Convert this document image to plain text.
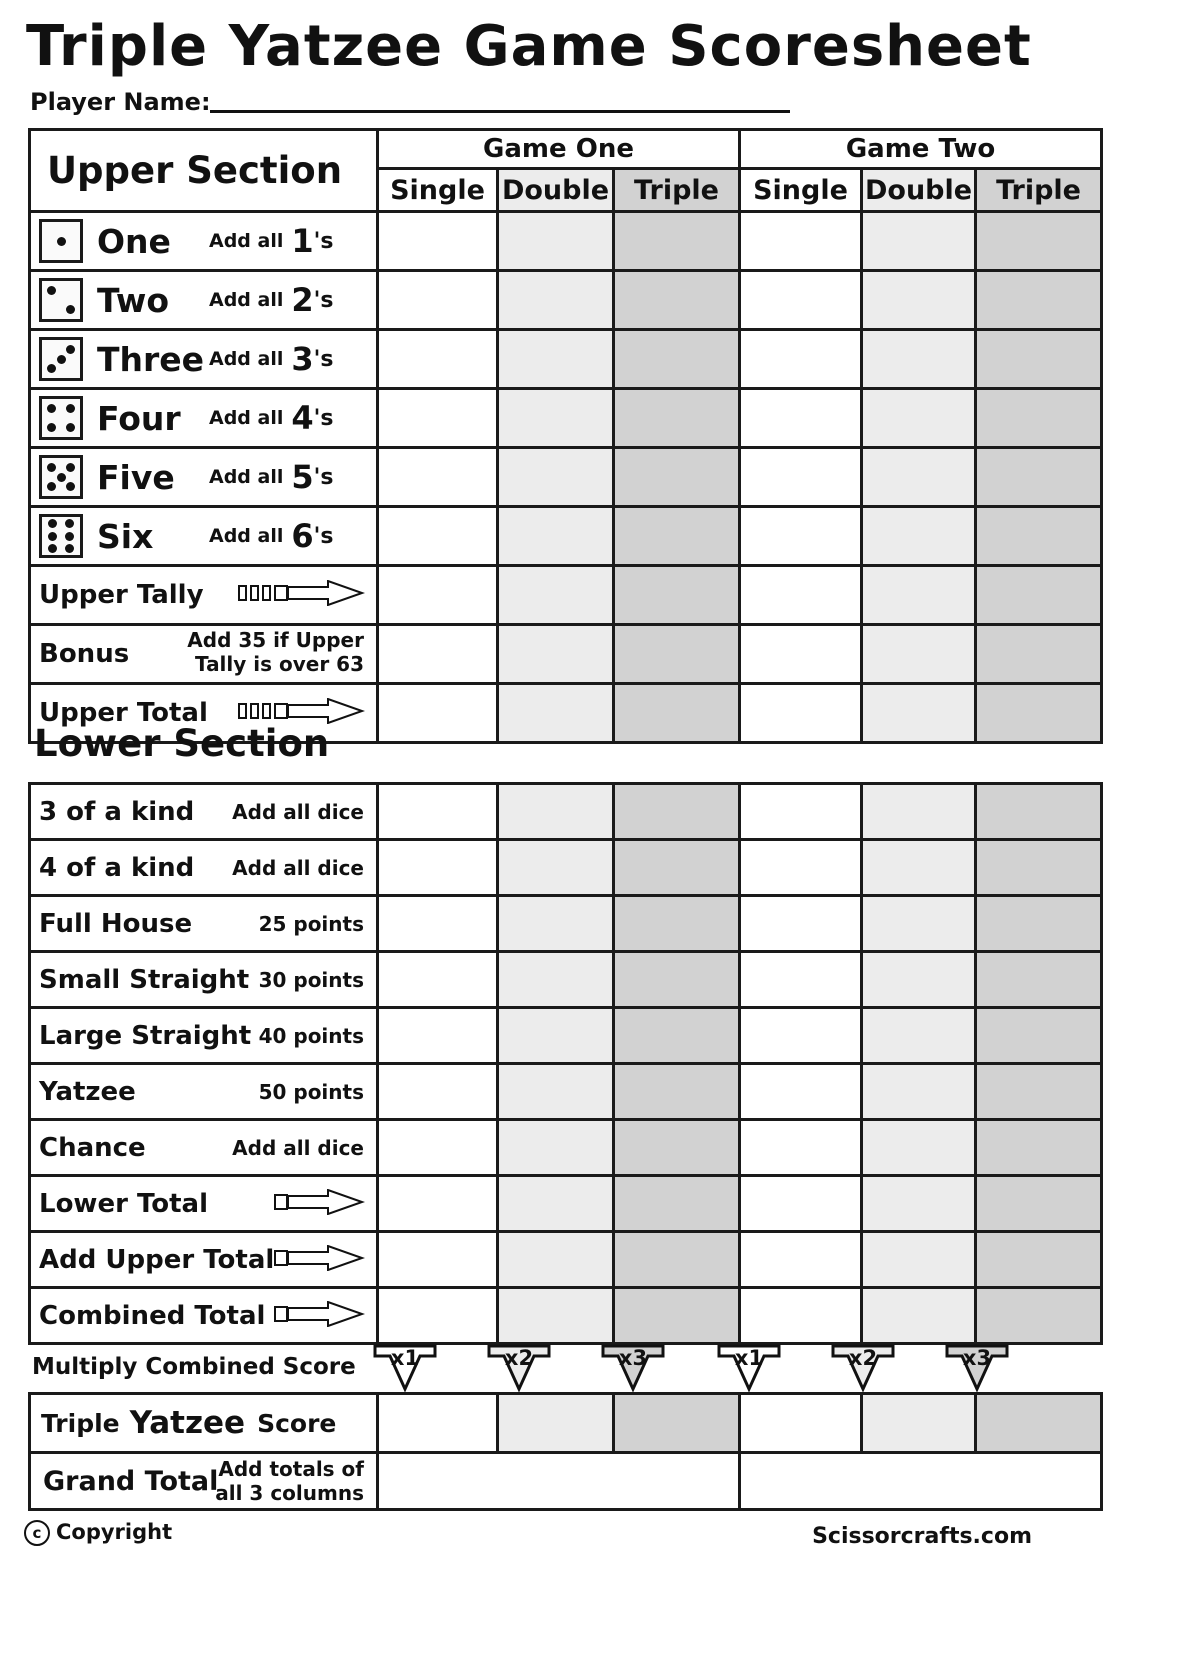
Triple Yatzee Game Scoresheet
Player Name:
Upper Section	Game One			Game Two		
	Single	Double	Triple	Single	Double	Triple

One Add all 1 's						

Two Add all 2 's						

Three Add all 3 's						

Four Add all 4 's						

Five Add all 5 's						

Six Add all 6 's						

Upper Tally						

Bonus Add 35 if Upper
Tally is over 63						

Upper Total						

Lower Section
3 of a kind Add all dice						

4 of a kind Add all dice						

Full House 25 points						

Small Straight 30 points						

Large Straight 40 points						

Yatzee 50 points						

Chance Add all dice						

Lower Total						

Add Upper Total						

Combined Total						

Multiply Combined Score	x1	x2	x3	x1	x2	x3
Triple Yatzee Score						

Grand Total Add totals of
all 3 columns						

c Copyright	Scissorcrafts.com
